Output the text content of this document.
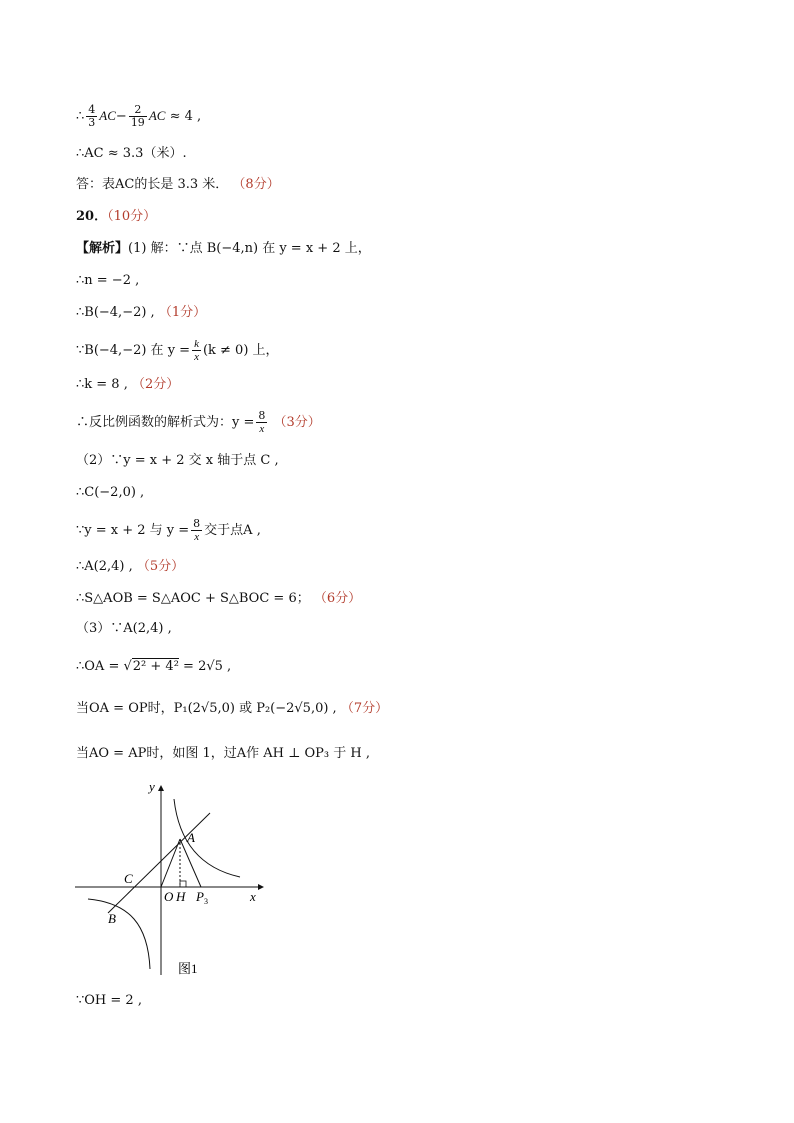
∴ $\frac{4}{3} AC- \frac{2}{19}$ AC ≈ 4 ,
∴AC ≈ 3.3（米）.
答：表AC的长是 3.3 米． （8分）
20．（10分）
【解析】(1) 解：∵点 B(−4,n) 在 y = x + 2 上，
∴n = −2 ,
∴B(−4,−2) , （1分）
∵B(−4,−2) 在 $y = \frac{k}{x} (k \ne 0)$ 上，
∴k = 8 , （2分）
∴反比例函数的解析式为：$y = \frac{8}{x} (3$分）
（2）∵y = x + 2 交 x 轴于点 C ,
∴C(−2,0) ,
∵y = x + 2 与 $y = \frac{8}{x}$ 交于点A ,
∴A(2,4) , （5分）
∴S△AOB = S△AOC + S△BOC = 6； （6分）
（3）∵A(2,4) ,
∴OA = √2² + 4² = 2√5 ,
当OA = OP时，P₁(2√5,0) 或 P₂(−2√5,0) , （7分）
当AO = AP时，如图 1，过A作 AH ⊥ OP₃ 于 H ,
y
x
A
C
O H P 3
B
图1
∵OH = 2 ,
